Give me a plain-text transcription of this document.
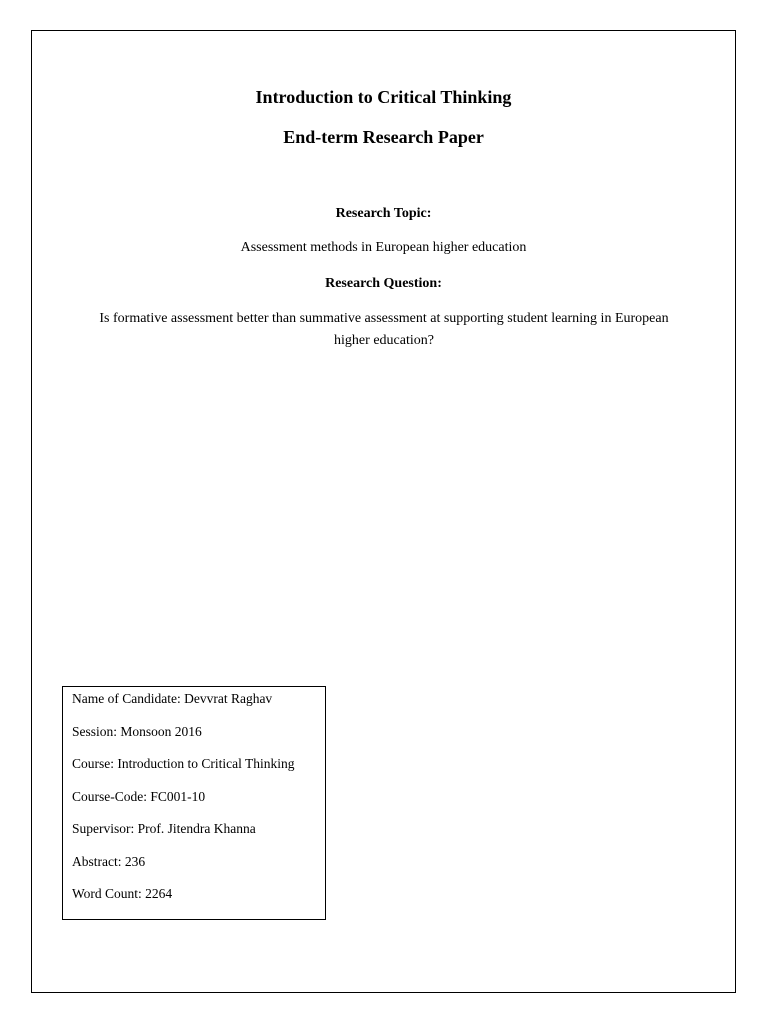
Introduction to Critical Thinking
End-term Research Paper
Research Topic:

Assessment methods in European higher education

Research Question:

Is formative assessment better than summative assessment at supporting student learning in European higher education?

Name of Candidate: Devvrat Raghav

Session: Monsoon 2016

Course: Introduction to Critical Thinking

Course-Code: FC001-10

Supervisor: Prof. Jitendra Khanna

Abstract: 236

Word Count: 2264
